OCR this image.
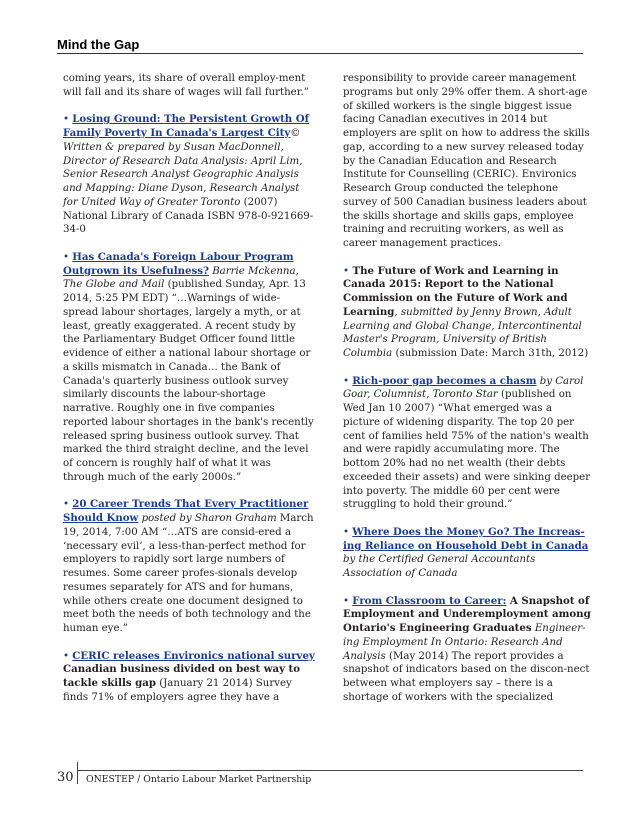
Mind the Gap

coming years, its share of overall employ-ment will fall and its share of wages will fall further.”

• Losing Ground: The Persistent Growth Of Family Poverty In Canada's Largest City© Written & prepared by Susan MacDonnell, Director of Research Data Analysis: April Lim, Senior Research Analyst Geographic Analysis and Mapping: Diane Dyson, Research Analyst for United Way of Greater Toronto (2007) National Library of Canada ISBN 978-0-921669-34-0

• Has Canada's Foreign Labour Program Outgrown its Usefulness? Barrie Mckenna, The Globe and Mail (published Sunday, Apr. 13 2014, 5:25 PM EDT) “…Warnings of wide-spread labour shortages, largely a myth, or at least, greatly exaggerated. A recent study by the Parliamentary Budget Officer found little evidence of either a national labour shortage or a skills mismatch in Canada… the Bank of Canada's quarterly business outlook survey similarly discounts the labour-shortage narrative. Roughly one in five companies reported labour shortages in the bank's recently released spring business outlook survey. That marked the third straight decline, and the level of concern is roughly half of what it was through much of the early 2000s.”

• 20 Career Trends That Every Practitioner Should Know posted by Sharon Graham March 19, 2014, 7:00 AM “…ATS are consid-ered a ‘necessary evil’, a less-than-perfect method for employers to rapidly sort large numbers of resumes. Some career profes-sionals develop resumes separately for ATS and for humans, while others create one document designed to meet both the needs of both technology and the human eye.”

• CERIC releases Environics national survey Canadian business divided on best way to tackle skills gap (January 21 2014) Survey finds 71% of employers agree they have a

responsibility to provide career management programs but only 29% offer them. A short-age of skilled workers is the single biggest issue facing Canadian executives in 2014 but employers are split on how to address the skills gap, according to a new survey released today by the Canadian Education and Research Institute for Counselling (CERIC). Environics Research Group conducted the telephone survey of 500 Canadian business leaders about the skills shortage and skills gaps, employee training and recruiting workers, as well as career management practices.

• The Future of Work and Learning in Canada 2015: Report to the National Commission on the Future of Work and Learning, submitted by Jenny Brown, Adult Learning and Global Change, Intercontinental Master's Program, University of British Columbia (submission Date: March 31th, 2012)

• Rich-poor gap becomes a chasm by Carol Goar, Columnist, Toronto Star (published on Wed Jan 10 2007) “What emerged was a picture of widening disparity. The top 20 per cent of families held 75% of the nation's wealth and were rapidly accumulating more. The bottom 20% had no net wealth (their debts exceeded their assets) and were sinking deeper into poverty. The middle 60 per cent were struggling to hold their ground.”

• Where Does the Money Go? The Increas-ing Reliance on Household Debt in Canada by the Certified General Accountants Association of Canada

• From Classroom to Career: A Snapshot of Employment and Underemployment among Ontario's Engineering Graduates Engineer-ing Employment In Ontario: Research And Analysis (May 2014) The report provides a snapshot of indicators based on the discon-nect between what employers say – there is a shortage of workers with the specialized

30 ONESTEP / Ontario Labour Market Partnership
